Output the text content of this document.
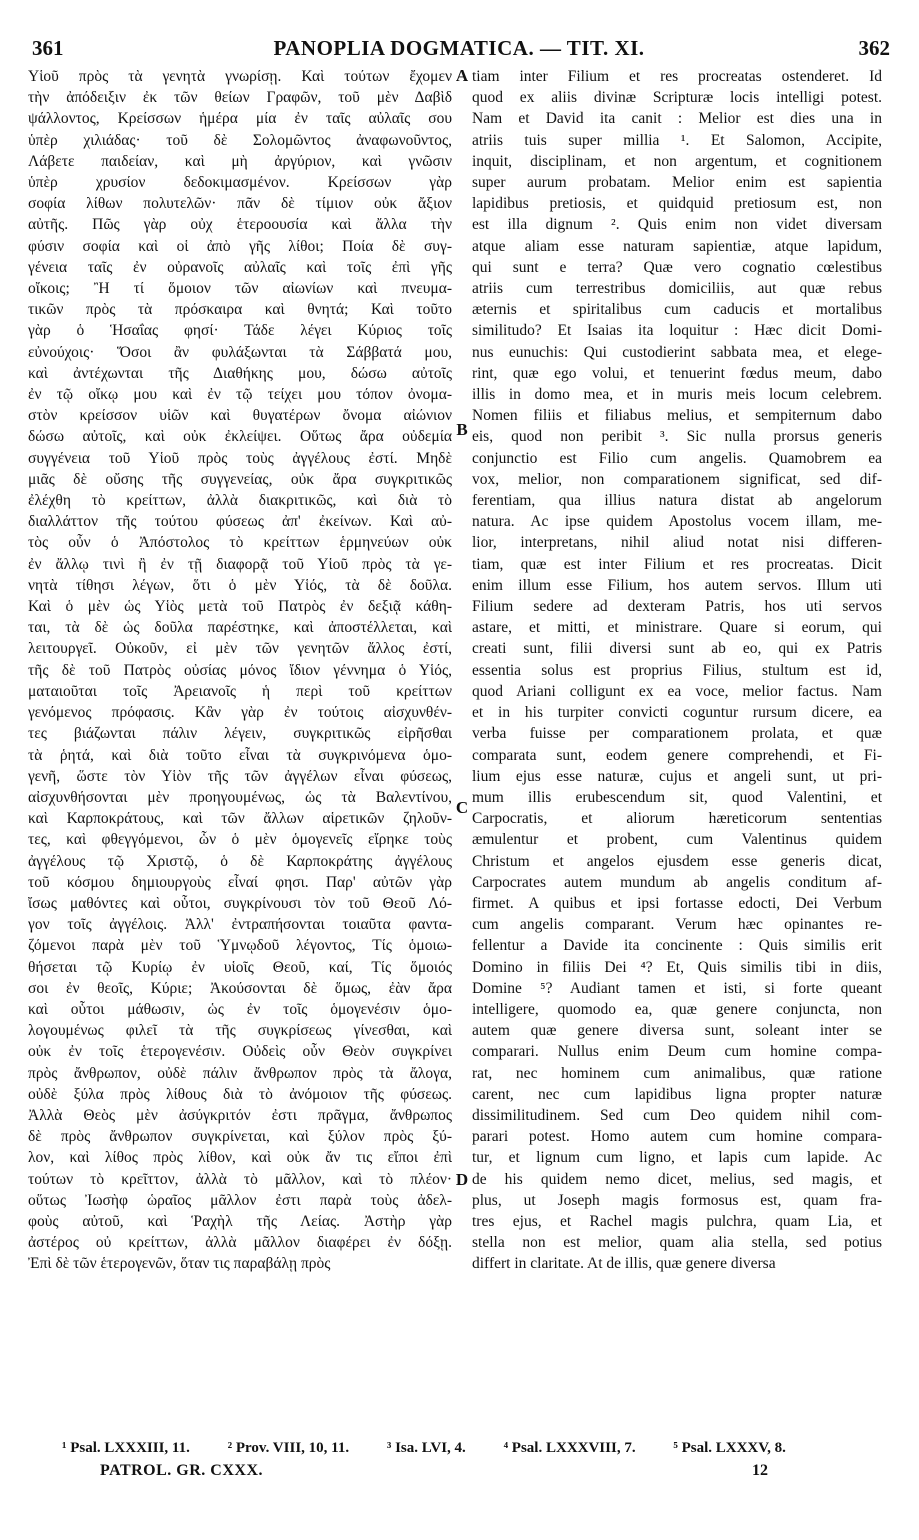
361	PANOPLIA DOGMATICA. — TIT. XI.	362
Υἱοῦ πρὸς τὰ γενητὰ γνωρίσῃ. Καὶ τούτων ἔχομεν
τὴν ἀπόδειξιν ἐκ τῶν θείων Γραφῶν, τοῦ μὲν Δαβὶδ
ψάλλοντος, Κρείσσων ἡμέρα μία ἐν ταῖς αὐλαῖς σου
ὑπὲρ χιλιάδας· τοῦ δὲ Σολομῶντος ἀναφωνοῦντος,
Λάβετε παιδείαν, καὶ μὴ ἀργύριον, καὶ γνῶσιν
ὑπὲρ χρυσίον δεδοκιμασμένον. Κρείσσων γὰρ
σοφία λίθων πολυτελῶν· πᾶν δὲ τίμιον οὐκ ἄξιον
αὐτῆς. Πῶς γὰρ οὐχ ἑτεροουσία καὶ ἄλλα τὴν
φύσιν σοφία καὶ οἱ ἀπὸ γῆς λίθοι; Ποία δὲ συγ-
γένεια ταῖς ἐν οὐρανοῖς αὐλαῖς καὶ τοῖς ἐπὶ γῆς
οἴκοις; Ἢ τί ὅμοιον τῶν αἰωνίων καὶ πνευμα-
τικῶν πρὸς τὰ πρόσκαιρα καὶ θνητά; Καὶ τοῦτο
γὰρ ὁ Ἡσαΐας φησί· Τάδε λέγει Κύριος τοῖς
εὐνούχοις· Ὅσοι ἂν φυλάξωνται τὰ Σάββατά μου,
καὶ ἀντέχωνται τῆς Διαθήκης μου, δώσω αὐτοῖς
ἐν τῷ οἴκῳ μου καὶ ἐν τῷ τείχει μου τόπον ὀνομα-
στὸν κρείσσον υἱῶν καὶ θυγατέρων ὄνομα αἰώνιον
δώσω αὐτοῖς, καὶ οὐκ ἐκλείψει. Οὕτως ἄρα οὐδεμία
συγγένεια τοῦ Υἱοῦ πρὸς τοὺς ἀγγέλους ἐστί. Μηδὲ
μιᾶς δὲ οὔσης τῆς συγγενείας, οὐκ ἄρα συγκριτικῶς
ἐλέχθη τὸ κρείττων, ἀλλὰ διακριτικῶς, καὶ διὰ τὸ
διαλλάττον τῆς τούτου φύσεως ἀπ' ἐκείνων. Καὶ αὐ-
τὸς οὖν ὁ Ἀπόστολος τὸ κρείττων ἑρμηνεύων οὐκ
ἐν ἄλλῳ τινὶ ἢ ἐν τῇ διαφορᾷ τοῦ Υἱοῦ πρὸς τὰ γε-
νητὰ τίθησι λέγων, ὅτι ὁ μὲν Υἱός, τὰ δὲ δοῦλα.
Καὶ ὁ μὲν ὡς Υἱὸς μετὰ τοῦ Πατρὸς ἐν δεξιᾷ κάθη-
ται, τὰ δὲ ὡς δοῦλα παρέστηκε, καὶ ἀποστέλλεται, καὶ
λειτουργεῖ. Οὐκοῦν, εἰ μὲν τῶν γενητῶν ἄλλος ἐστί,
τῆς δὲ τοῦ Πατρὸς οὐσίας μόνος ἴδιον γέννημα ὁ Υἱός,
ματαιοῦται τοῖς Ἀρειανοῖς ἡ περὶ τοῦ κρείττων
γενόμενος πρόφασις. Κἂν γὰρ ἐν τούτοις αἰσχυνθέν-
τες βιάζωνται πάλιν λέγειν, συγκριτικῶς εἰρῆσθαι
τὰ ῥητά, καὶ διὰ τοῦτο εἶναι τὰ συγκρινόμενα ὁμο-
γενῆ, ὥστε τὸν Υἱὸν τῆς τῶν ἀγγέλων εἶναι φύσεως,
αἰσχυνθήσονται μὲν προηγουμένως, ὡς τὰ Βαλεντίνου,
καὶ Καρποκράτους, καὶ τῶν ἄλλων αἱρετικῶν ζηλοῦν-
τες, καὶ φθεγγόμενοι, ὧν ὁ μὲν ὁμογενεῖς εἴρηκε τοὺς
ἀγγέλους τῷ Χριστῷ, ὁ δὲ Καρποκράτης ἀγγέλους
τοῦ κόσμου δημιουργοὺς εἶναί φησι. Παρ' αὐτῶν γὰρ
ἴσως μαθόντες καὶ οὗτοι, συγκρίνουσι τὸν τοῦ Θεοῦ Λό-
γον τοῖς ἀγγέλοις. Ἀλλ' ἐντραπήσονται τοιαῦτα φαντα-
ζόμενοι παρὰ μὲν τοῦ Ὑμνῳδοῦ λέγοντος, Τίς ὁμοιω-
θήσεται τῷ Κυρίῳ ἐν υἱοῖς Θεοῦ, καί, Τίς ὅμοιός
σοι ἐν θεοῖς, Κύριε; Ἀκούσονται δὲ ὅμως, ἐὰν ἄρα
καὶ οὗτοι μάθωσιν, ὡς ἐν τοῖς ὁμογενέσιν ὁμο-
λογουμένως φιλεῖ τὰ τῆς συγκρίσεως γίνεσθαι, καὶ
οὐκ ἐν τοῖς ἑτερογενέσιν. Οὐδεὶς οὖν Θεὸν συγκρίνει
πρὸς ἄνθρωπον, οὐδὲ πάλιν ἄνθρωπον πρὸς τὰ ἄλογα,
οὐδὲ ξύλα πρὸς λίθους διὰ τὸ ἀνόμοιον τῆς φύσεως.
Ἀλλὰ Θεὸς μὲν ἀσύγκριτόν ἐστι πρᾶγμα, ἄνθρωπος
δὲ πρὸς ἄνθρωπον συγκρίνεται, καὶ ξύλον πρὸς ξύ-
λον, καὶ λίθος πρὸς λίθον, καὶ οὐκ ἄν τις εἴποι ἐπὶ
τούτων τὸ κρεῖττον, ἀλλὰ τὸ μᾶλλον, καὶ τὸ πλέον·
οὕτως Ἰωσὴφ ὡραῖος μᾶλλον ἐστι παρὰ τοὺς ἀδελ-
φοὺς αὐτοῦ, καὶ Ῥαχὴλ τῆς Λείας. Ἀστὴρ γὰρ
ἀστέρος οὐ κρείττων, ἀλλὰ μᾶλλον διαφέρει ἐν δόξῃ.
Ἐπὶ δὲ τῶν ἑτερογενῶν, ὅταν τις παραβάλῃ πρὸς
A
B
C
D
tiam inter Filium et res procreatas ostenderet. Id
quod ex aliis divinæ Scripturæ locis intelligi potest.
Nam et David ita canit : Melior est dies una in
atriis tuis super millia ¹. Et Salomon, Accipite,
inquit, disciplinam, et non argentum, et cognitionem
super aurum probatam. Melior enim est sapientia
lapidibus pretiosis, et quidquid pretiosum est, non
est illa dignum ². Quis enim non videt diversam
atque aliam esse naturam sapientiæ, atque lapidum,
qui sunt e terra? Quæ vero cognatio cœlestibus
atriis cum terrestribus domiciliis, aut quæ rebus
æternis et spiritalibus cum caducis et mortalibus
similitudo? Et Isaias ita loquitur : Hæc dicit Domi-
nus eunuchis: Qui custodierint sabbata mea, et elege-
rint, quæ ego volui, et tenuerint fœdus meum, dabo
illis in domo mea, et in muris meis locum celebrem.
Nomen filiis et filiabus melius, et sempiternum dabo
eis, quod non peribit ³. Sic nulla prorsus generis
conjunctio est Filio cum angelis. Quamobrem ea
vox, melior, non comparationem significat, sed dif-
ferentiam, qua illius natura distat ab angelorum
natura. Ac ipse quidem Apostolus vocem illam, me-
lior, interpretans, nihil aliud notat nisi differen-
tiam, quæ est inter Filium et res procreatas. Dicit
enim illum esse Filium, hos autem servos. Illum uti
Filium sedere ad dexteram Patris, hos uti servos
astare, et mitti, et ministrare. Quare si eorum, qui
creati sunt, filii diversi sunt ab eo, qui ex Patris
essentia solus est proprius Filius, stultum est id,
quod Ariani colligunt ex ea voce, melior factus. Nam
et in his turpiter convicti coguntur rursum dicere, ea
verba fuisse per comparationem prolata, et quæ
comparata sunt, eodem genere comprehendi, et Fi-
lium ejus esse naturæ, cujus et angeli sunt, ut pri-
mum illis erubescendum sit, quod Valentini, et
Carpocratis, et aliorum hæreticorum sententias
æmulentur et probent, cum Valentinus quidem
Christum et angelos ejusdem esse generis dicat,
Carpocrates autem mundum ab angelis conditum af-
firmet. A quibus et ipsi fortasse edocti, Dei Verbum
cum angelis comparant. Verum hæc opinantes re-
fellentur a Davide ita concinente : Quis similis erit
Domino in filiis Dei ⁴? Et, Quis similis tibi in diis,
Domine ⁵? Audiant tamen et isti, si forte queant
intelligere, quomodo ea, quæ genere conjuncta, non
autem quæ genere diversa sunt, soleant inter se
comparari. Nullus enim Deum cum homine compa-
rat, nec hominem cum animalibus, quæ ratione
carent, nec cum lapidibus ligna propter naturæ
dissimilitudinem. Sed cum Deo quidem nihil com-
parari potest. Homo autem cum homine compara-
tur, et lignum cum ligno, et lapis cum lapide. Ac
de his quidem nemo dicet, melius, sed magis, et
plus, ut Joseph magis formosus est, quam fra-
tres ejus, et Rachel magis pulchra, quam Lia, et
stella non est melior, quam alia stella, sed potius
differt in claritate. At de illis, quæ genere diversa
¹ Psal. LXXXIII, 11.	² Prov. VIII, 10, 11.	³ Isa. LVI, 4.	⁴ Psal. LXXXVIII, 7.	⁵ Psal. LXXXV, 8.
PATROL. GR. CXXX.	12
